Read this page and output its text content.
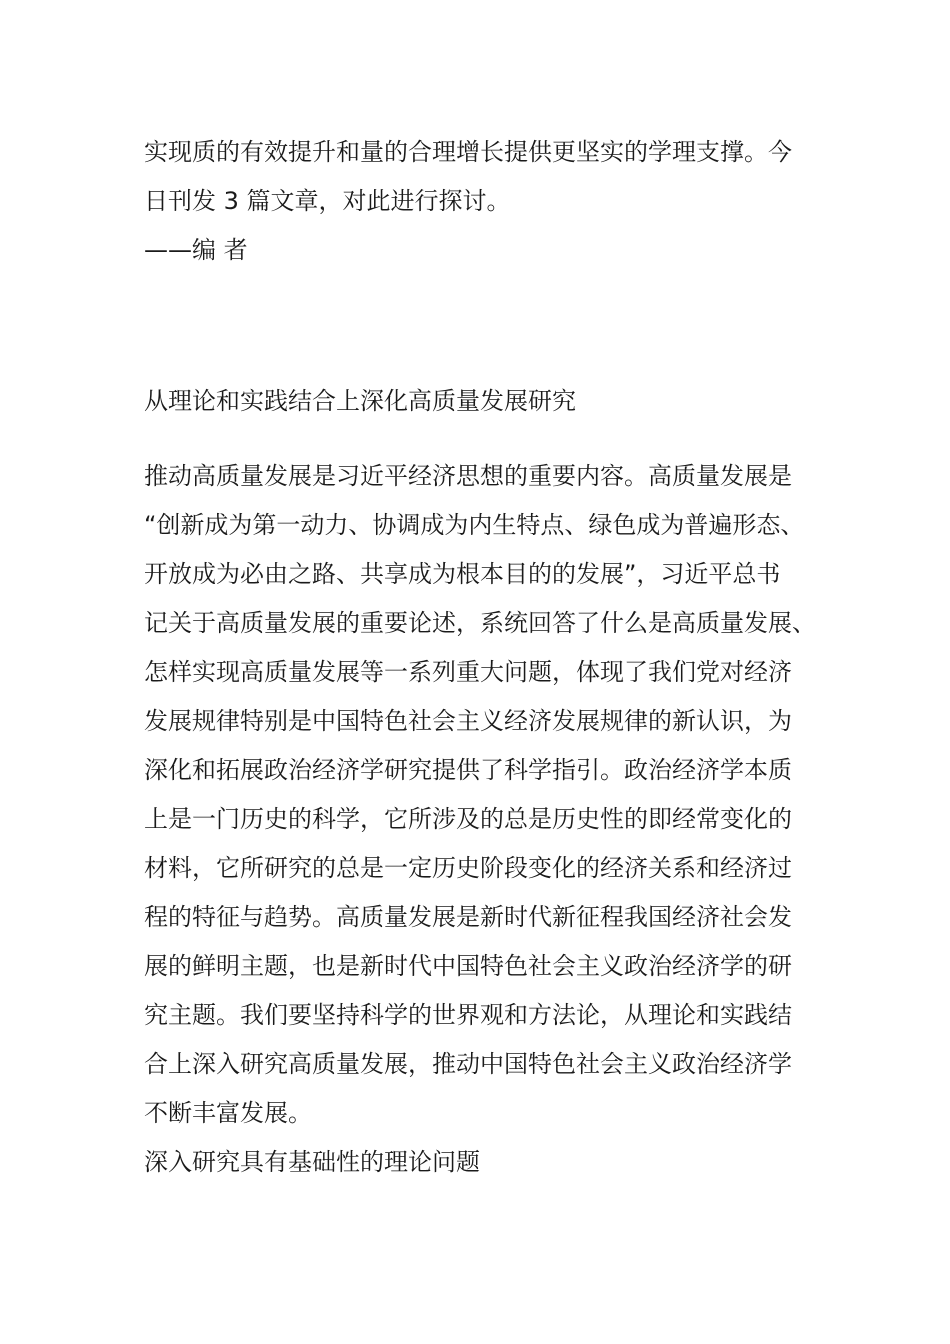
实现质的有效提升和量的合理增长提供更坚实的学理支撑。今
日刊发 3 篇文章，对此进行探讨。
——编 者
从理论和实践结合上深化高质量发展研究
推动高质量发展是习近平经济思想的重要内容。高质量发展是
“创新成为第一动力、协调成为内生特点、绿色成为普遍形态、
开放成为必由之路、共享成为根本目的的发展”，习近平总书
记关于高质量发展的重要论述，系统回答了什么是高质量发展、
怎样实现高质量发展等一系列重大问题，体现了我们党对经济
发展规律特别是中国特色社会主义经济发展规律的新认识，为
深化和拓展政治经济学研究提供了科学指引。政治经济学本质
上是一门历史的科学，它所涉及的总是历史性的即经常变化的
材料，它所研究的总是一定历史阶段变化的经济关系和经济过
程的特征与趋势。高质量发展是新时代新征程我国经济社会发
展的鲜明主题，也是新时代中国特色社会主义政治经济学的研
究主题。我们要坚持科学的世界观和方法论，从理论和实践结
合上深入研究高质量发展，推动中国特色社会主义政治经济学
不断丰富发展。
深入研究具有基础性的理论问题
